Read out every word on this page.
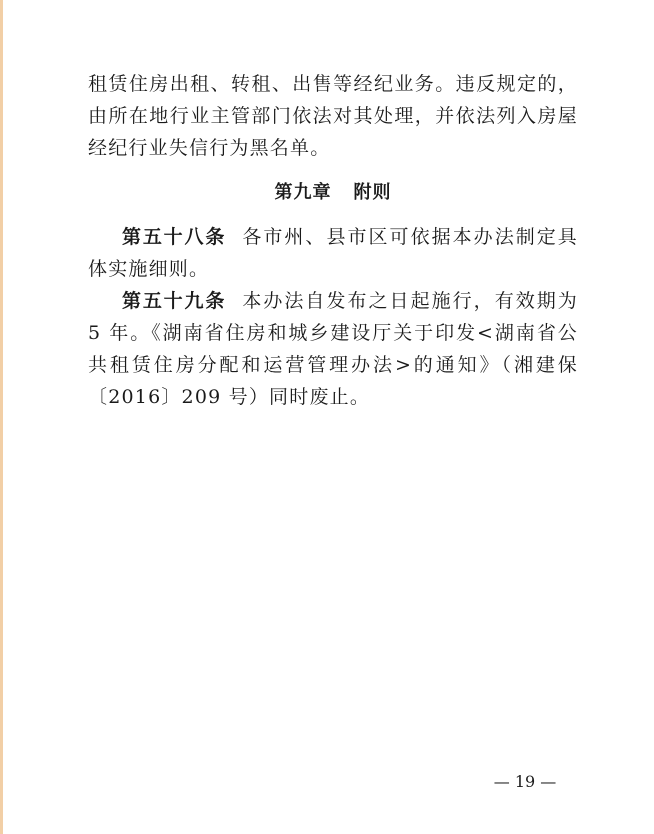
租赁住房出租、转租、出售等经纪业务。违反规定的，由所在地行业主管部门依法对其处理，并依法列入房屋经纪行业失信行为黑名单。

第九章 附则

第五十八条 各市州、县市区可依据本办法制定具体实施细则。

第五十九条 本办法自发布之日起施行，有效期为 5 年。《湖南省住房和城乡建设厅关于印发<湖南省公共租赁住房分配和运营管理办法>的通知》（湘建保〔2016〕209 号）同时废止。

— 19 —
